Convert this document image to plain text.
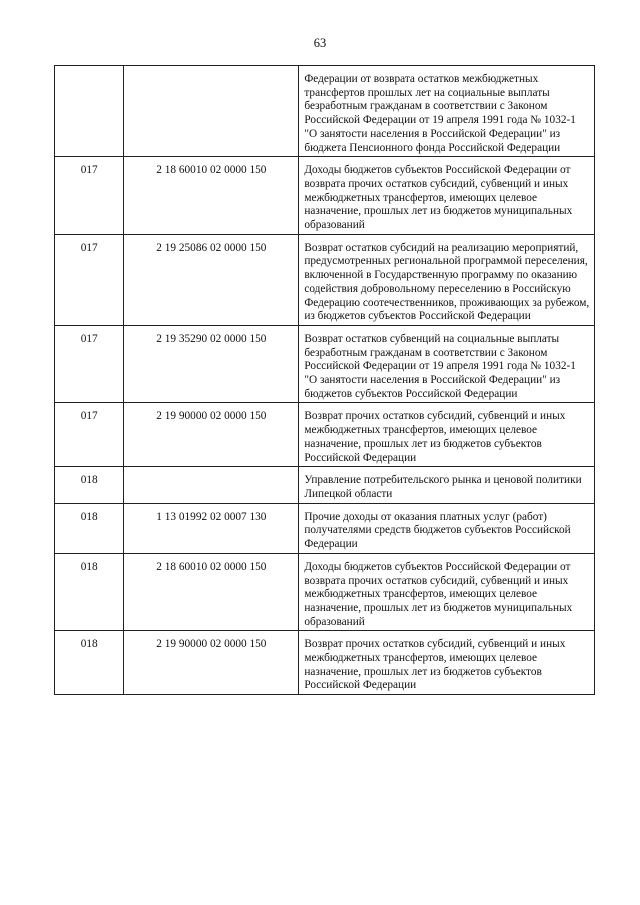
63

		Федерации от возврата остатков межбюджетных трансфертов прошлых лет на социальные выплаты безработным гражданам в соответствии с Законом Российской Федерации от 19 апреля 1991 года № 1032-1 "О занятости населения в Российской Федерации" из бюджета Пенсионного фонда Российской Федерации

017	2 18 60010 02 0000 150	Доходы бюджетов субъектов Российской Федерации от возврата прочих остатков субсидий, субвенций и иных межбюджетных трансфертов, имеющих целевое назначение, прошлых лет из бюджетов муниципальных образований

017	2 19 25086 02 0000 150	Возврат остатков субсидий на реализацию мероприятий, предусмотренных региональной программой переселения, включенной в Государственную программу по оказанию содействия добровольному переселению в Российскую Федерацию соотечественников, проживающих за рубежом, из бюджетов субъектов Российской Федерации

017	2 19 35290 02 0000 150	Возврат остатков субвенций на социальные выплаты безработным гражданам в соответствии с Законом Российской Федерации от 19 апреля 1991 года № 1032-1 "О занятости населения в Российской Федерации" из бюджетов субъектов Российской Федерации

017	2 19 90000 02 0000 150	Возврат прочих остатков субсидий, субвенций и иных межбюджетных трансфертов, имеющих целевое назначение, прошлых лет из бюджетов субъектов Российской Федерации

018		Управление потребительского рынка и ценовой политики Липецкой области

018	1 13 01992 02 0007 130	Прочие доходы от оказания платных услуг (работ) получателями средств бюджетов субъектов Российской Федерации

018	2 18 60010 02 0000 150	Доходы бюджетов субъектов Российской Федерации от возврата прочих остатков субсидий, субвенций и иных межбюджетных трансфертов, имеющих целевое назначение, прошлых лет из бюджетов муниципальных образований

018	2 19 90000 02 0000 150	Возврат прочих остатков субсидий, субвенций и иных межбюджетных трансфертов, имеющих целевое назначение, прошлых лет из бюджетов субъектов Российской Федерации
